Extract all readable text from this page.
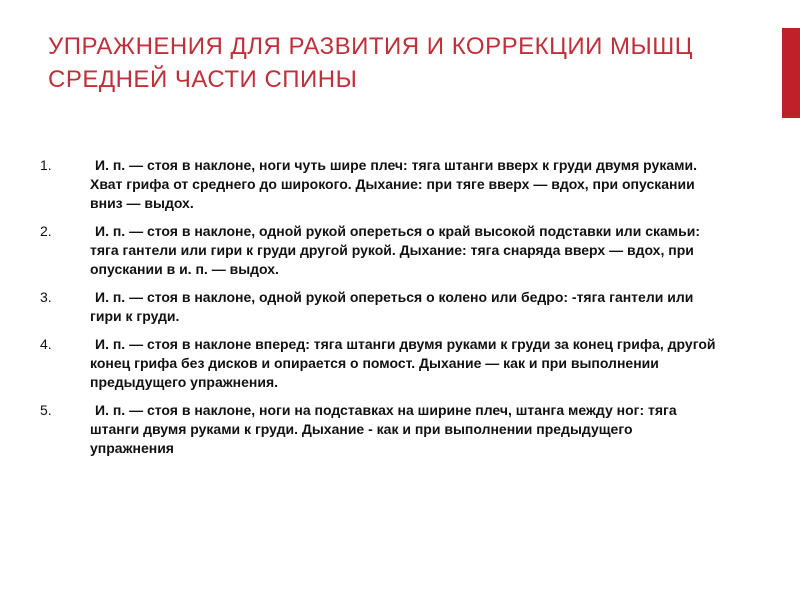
УПРАЖНЕНИЯ ДЛЯ РАЗВИТИЯ И КОРРЕКЦИИ МЫШЦ СРЕДНЕЙ ЧАСТИ СПИНЫ
1.	И. п. — стоя в наклоне, ноги чуть шире плеч: тяга штанги вверх к груди двумя руками. Хват грифа от среднего до широкого. Дыхание: при тяге вверх — вдох, при опускании вниз — выдох.
2.	И. п. — стоя в наклоне, одной рукой опереться о край высокой подставки или скамьи: тяга гантели или гири к груди другой рукой. Дыхание: тяга снаряда вверх — вдох, при опускании в и. п. — выдох.
3.	И. п. — стоя в наклоне, одной рукой опереться о колено или бедро: -тяга гантели или гири к груди.
4.	И. п. — стоя в наклоне вперед: тяга штанги двумя руками к груди за конец грифа, другой конец грифа без дисков и опирается о помост. Дыхание — как и при выполнении предыдущего упражнения.
5.	И. п. — стоя в наклоне, ноги на подставках на ширине плеч, штанга между ног: тяга штанги двумя руками к груди. Дыхание - как и при выполнении предыдущего упражнения
